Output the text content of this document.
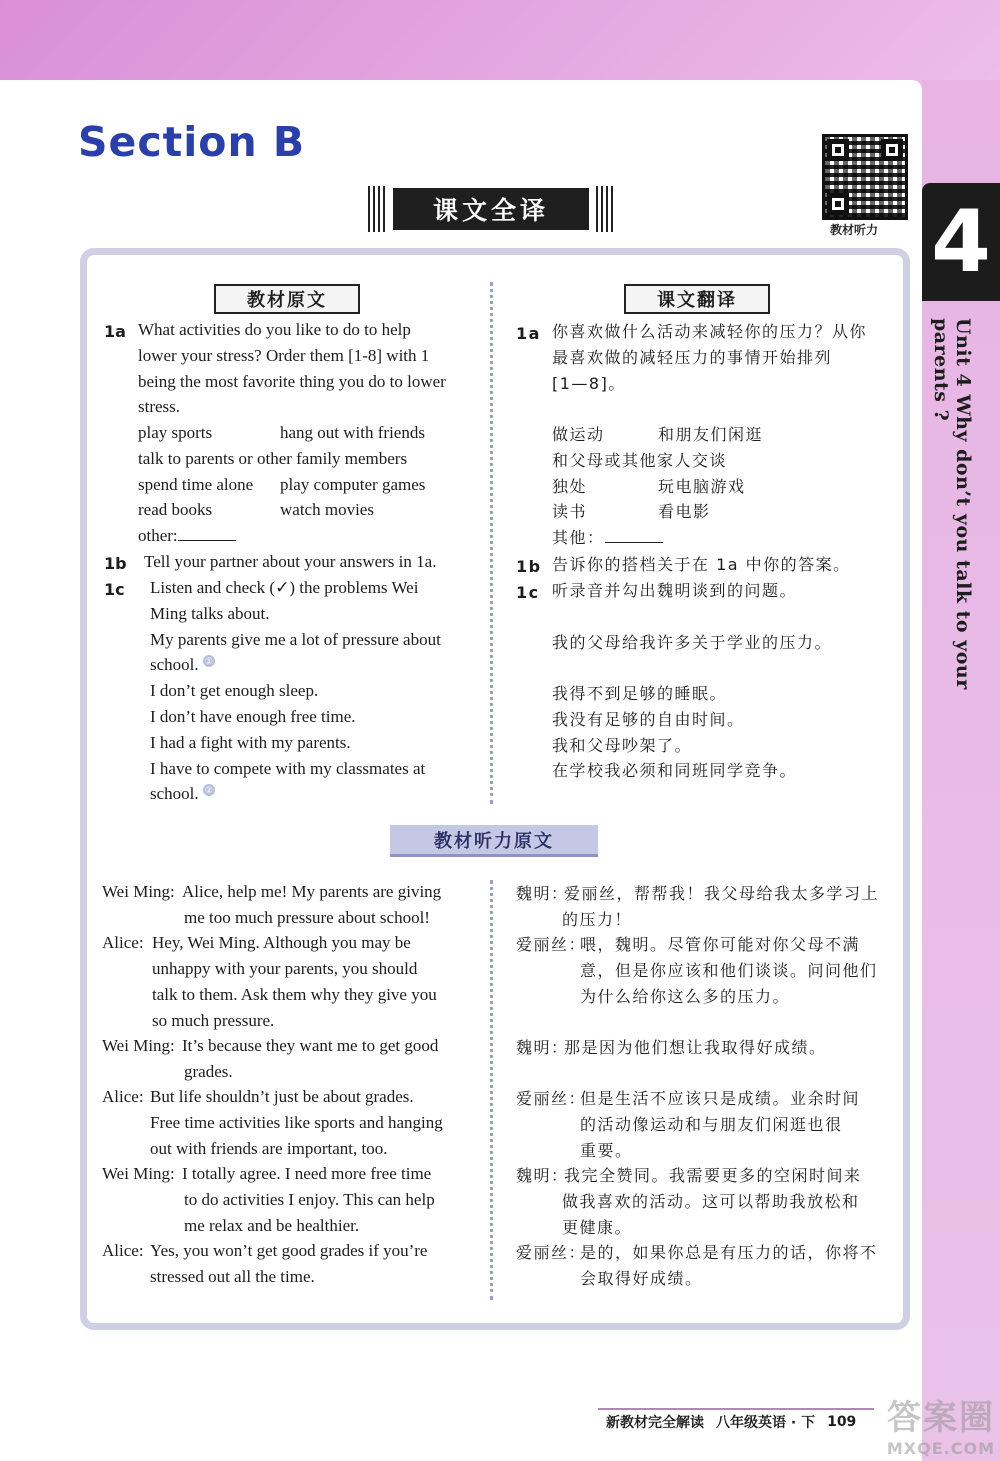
4
Unit 4 Why don’t you talk to your parents ?
Section B
课文全译
教材听力
教材原文	课文翻译
1a What activities do you like to do to help
lower your stress? Order them [1-8] with 1
being the most favorite thing you do to lower
stress.
play sports	hang out with friends
talk to parents or other family members
spend time alone	play computer games
read books	watch movies
other:
1b Tell your partner about your answers in 1a.
1c Listen and check (✓) the problems Wei
Ming talks about.
My parents give me a lot of pressure about
school. ①
I don’t get enough sleep.
I don’t have enough free time.
I had a fight with my parents.
I have to compete with my classmates at
school. ②
1a 你喜欢做什么活动来减轻你的压力？从你
最喜欢做的减轻压力的事情开始排列
[1—8]。
做运动	和朋友们闲逛
和父母或其他家人交谈
独处	玩电脑游戏
读书	看电影
其他：
1b 告诉你的搭档关于在 1a 中你的答案。
1c 听录音并勾出魏明谈到的问题。
我的父母给我许多关于学业的压力。
我得不到足够的睡眠。
我没有足够的自由时间。
我和父母吵架了。
在学校我必须和同班同学竞争。
教材听力原文
Wei Ming: Alice, help me! My parents are giving
me too much pressure about school!
Alice: Hey, Wei Ming. Although you may be
unhappy with your parents, you should
talk to them. Ask them why they give you
so much pressure.
Wei Ming: It’s because they want me to get good
grades.
Alice: But life shouldn’t just be about grades.
Free time activities like sports and hanging
out with friends are important, too.
Wei Ming: I totally agree. I need more free time
to do activities I enjoy. This can help
me relax and be healthier.
Alice: Yes, you won’t get good grades if you’re
stressed out all the time.
魏明：
爱丽丝，帮帮我！我父母给我太多学习上
的压力！
爱丽丝：
喂，魏明。尽管你可能对你父母不满
意，但是你应该和他们谈谈。问问他们
为什么给你这么多的压力。
魏明：
那是因为他们想让我取得好成绩。
爱丽丝：
但是生活不应该只是成绩。业余时间
的活动像运动和与朋友们闲逛也很
重要。
魏明：
我完全赞同。我需要更多的空闲时间来
做我喜欢的活动。这可以帮助我放松和
更健康。
爱丽丝：
是的，如果你总是有压力的话，你将不
会取得好成绩。
新教材完全解读 八年级英语 · 下 109 答案圈
MXQE.COM
